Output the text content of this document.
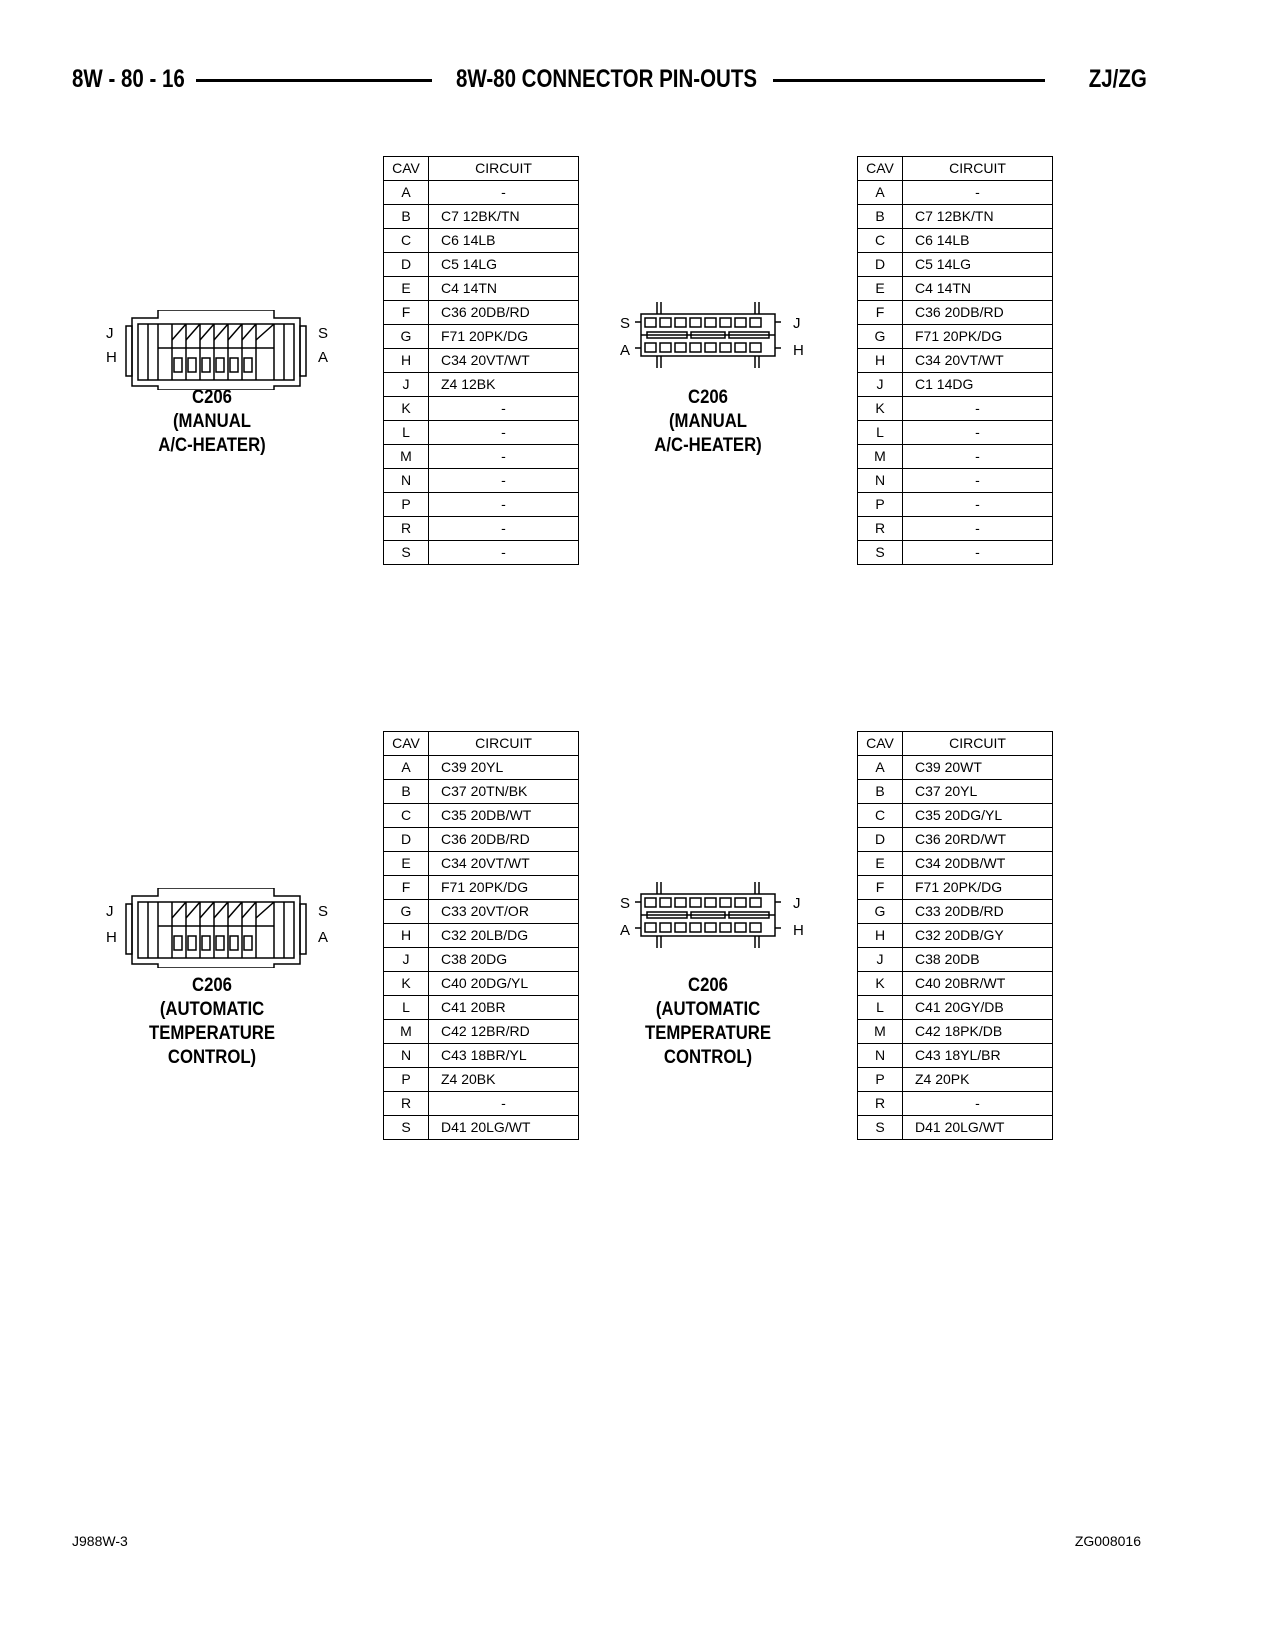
8W - 80 - 16	8W-80 CONNECTOR PIN-OUTS	ZJ/ZG
J
H
S
A
C206
(MANUAL
A/C-HEATER)
CAV	CIRCUIT
A	-
B	C7 12BK/TN
C	C6 14LB
D	C5 14LG
E	C4 14TN
F	C36 20DB/RD
G	F71 20PK/DG
H	C34 20VT/WT
J	Z4 12BK
K	-
L	-
M	-
N	-
P	-
R	-
S	-
S
A
J
H
C206
(MANUAL
A/C-HEATER)
CAV	CIRCUIT
A	-
B	C7 12BK/TN
C	C6 14LB
D	C5 14LG
E	C4 14TN
F	C36 20DB/RD
G	F71 20PK/DG
H	C34 20VT/WT
J	C1 14DG
K	-
L	-
M	-
N	-
P	-
R	-
S	-
J
H
S
A
C206
(AUTOMATIC
TEMPERATURE
CONTROL)
CAV	CIRCUIT
A	C39 20YL
B	C37 20TN/BK
C	C35 20DB/WT
D	C36 20DB/RD
E	C34 20VT/WT
F	F71 20PK/DG
G	C33 20VT/OR
H	C32 20LB/DG
J	C38 20DG
K	C40 20DG/YL
L	C41 20BR
M	C42 12BR/RD
N	C43 18BR/YL
P	Z4 20BK
R	-
S	D41 20LG/WT
S
A
J
H
C206
(AUTOMATIC
TEMPERATURE
CONTROL)
CAV	CIRCUIT
A	C39 20WT
B	C37 20YL
C	C35 20DG/YL
D	C36 20RD/WT
E	C34 20DB/WT
F	F71 20PK/DG
G	C33 20DB/RD
H	C32 20DB/GY
J	C38 20DB
K	C40 20BR/WT
L	C41 20GY/DB
M	C42 18PK/DB
N	C43 18YL/BR
P	Z4 20PK
R	-
S	D41 20LG/WT
J988W-3	ZG008016
